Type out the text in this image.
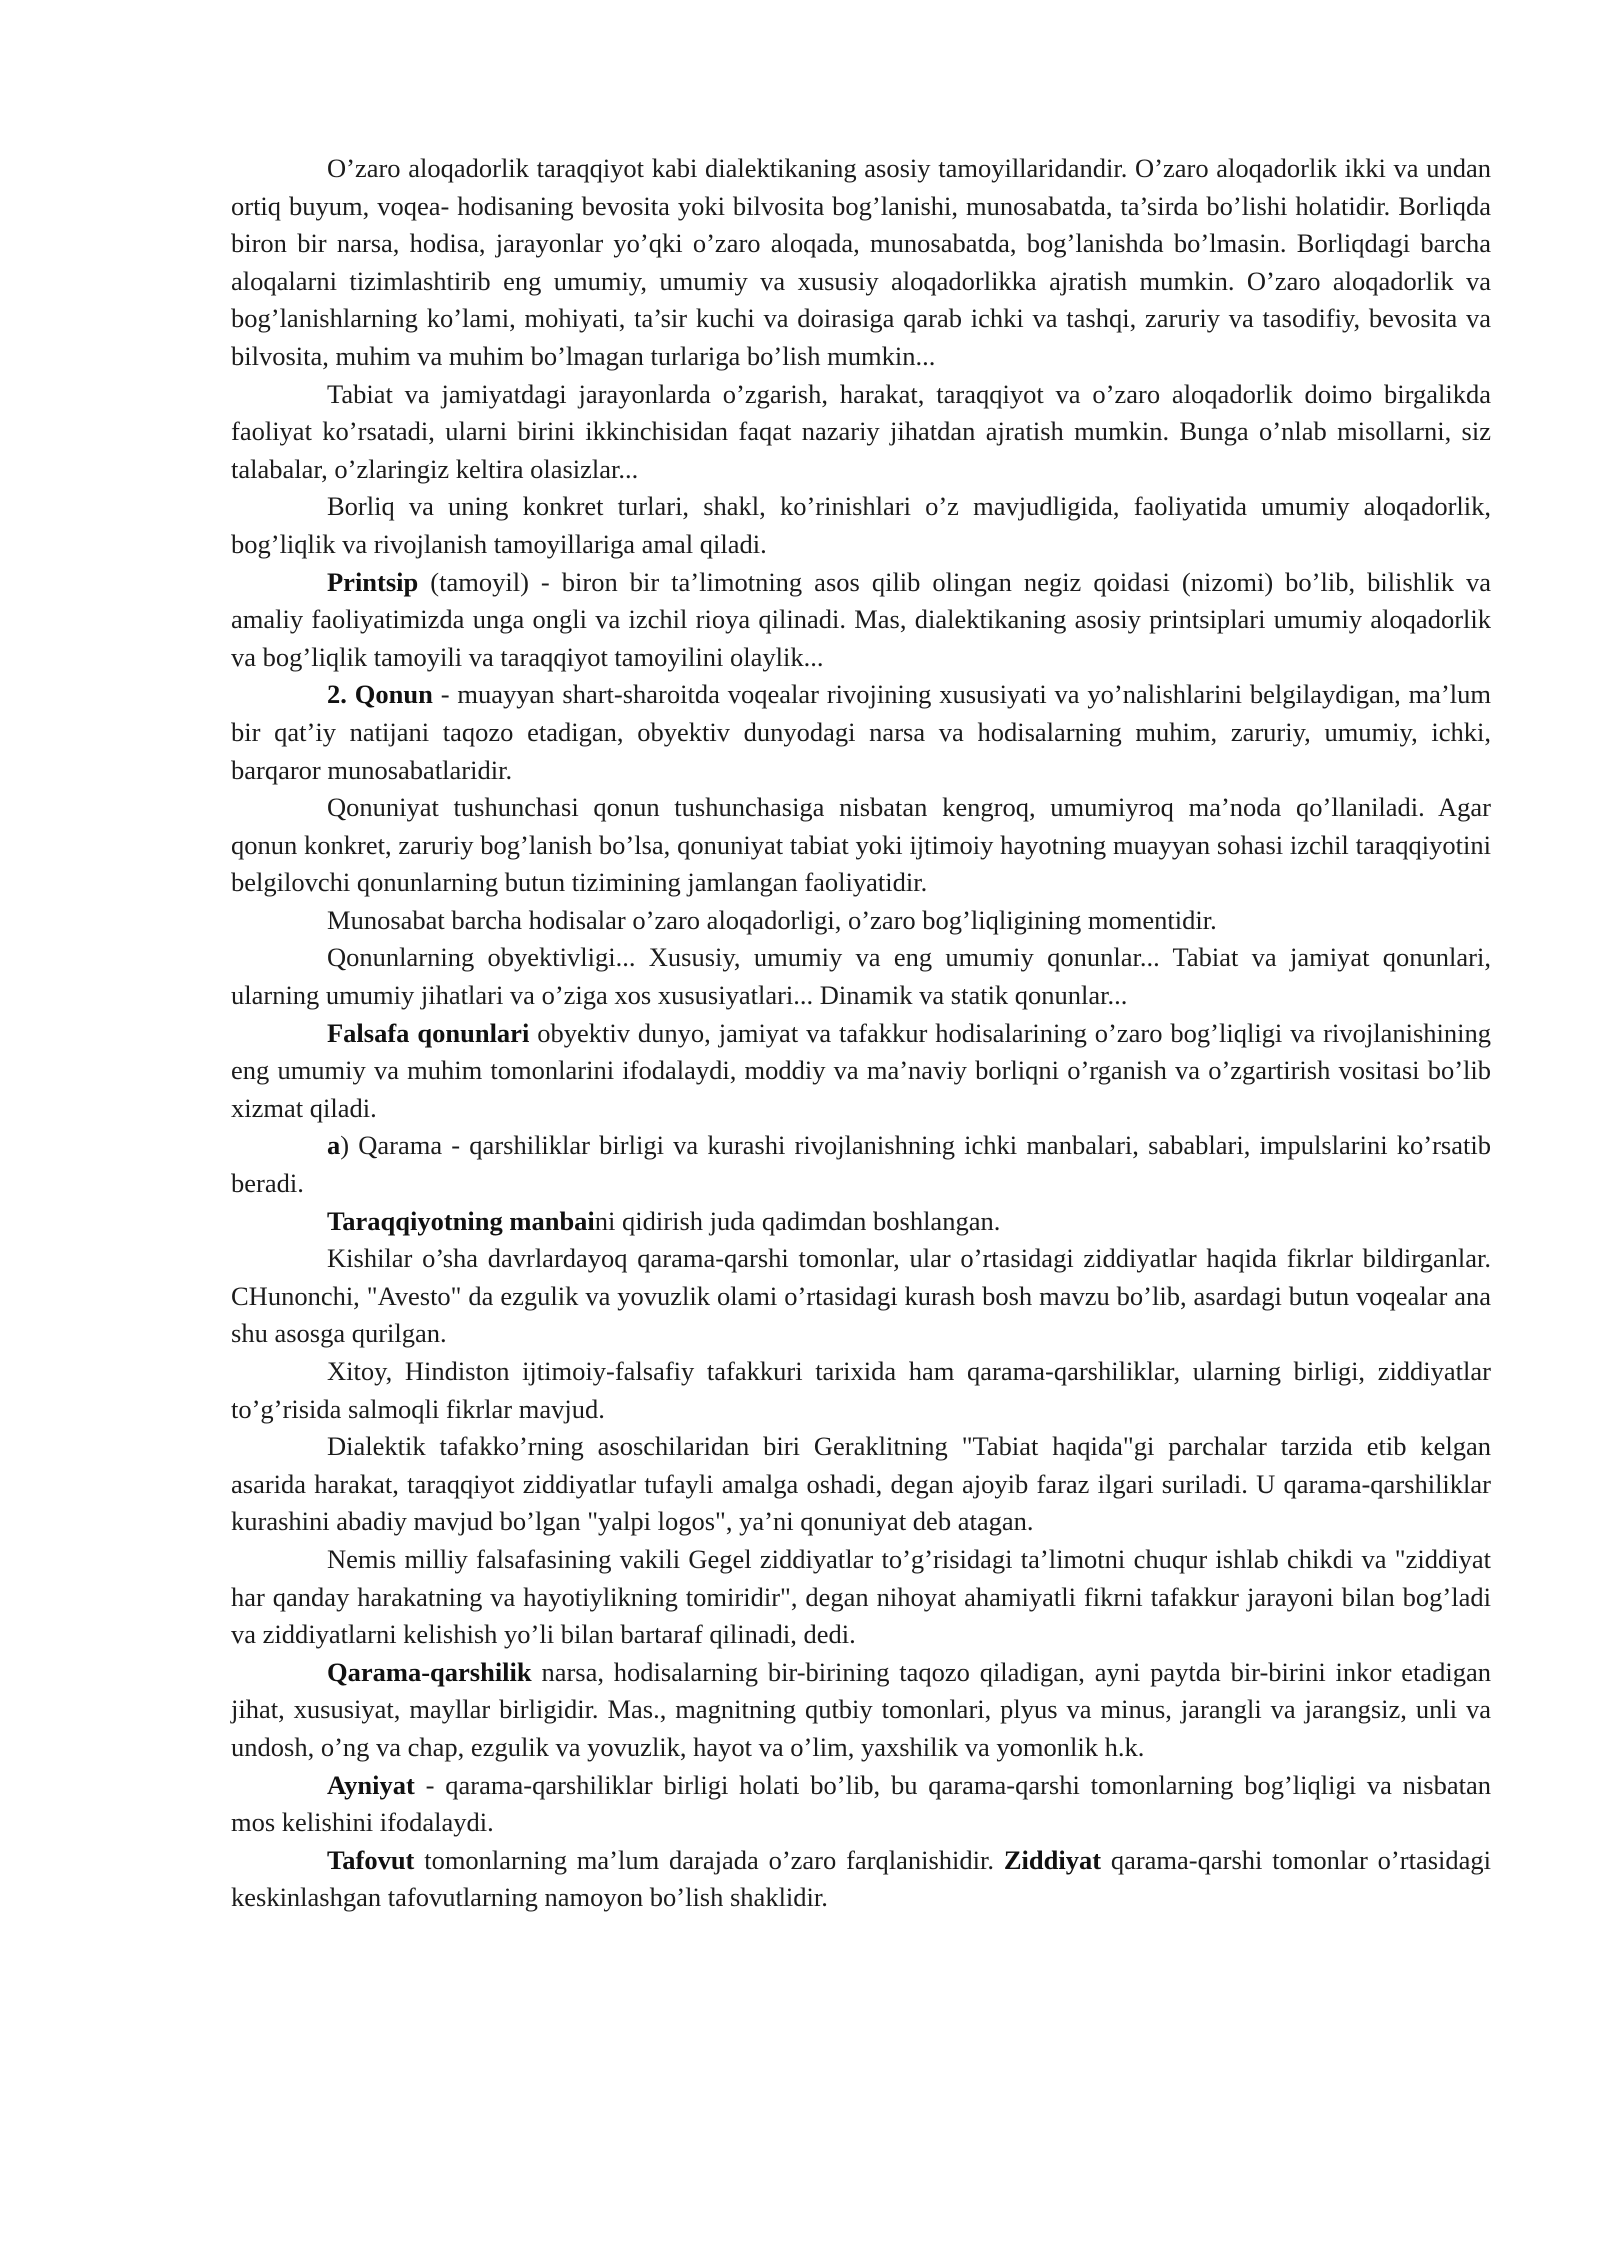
O’zaro aloqadorlik taraqqiyot kabi dialektikaning asosiy tamoyillaridandir. O’zaro aloqadorlik ikki va undan ortiq buyum, voqea- hodisaning bevosita yoki bilvosita bog’lanishi, munosabatda, ta’sirda bo’lishi holatidir. Borliqda biron bir narsa, hodisa, jarayonlar yo’qki o’zaro aloqada, munosabatda, bog’lanishda bo’lmasin. Borliqdagi barcha aloqalarni tizimlashtirib eng umumiy, umumiy va xususiy aloqadorlikka ajratish mumkin. O’zaro aloqadorlik va bog’lanishlarning ko’lami, mohiyati, ta’sir kuchi va doirasiga qarab ichki va tashqi, zaruriy va tasodifiy, bevosita va bilvosita, muhim va muhim bo’lmagan turlariga bo’lish mumkin...

Tabiat va jamiyatdagi jarayonlarda o’zgarish, harakat, taraqqiyot va o’zaro aloqadorlik doimo birgalikda faoliyat ko’rsatadi, ularni birini ikkinchisidan faqat nazariy jihatdan ajratish mumkin. Bunga o’nlab misollarni, siz talabalar, o’zlaringiz keltira olasizlar...

Borliq va uning konkret turlari, shakl, ko’rinishlari o’z mavjudligida, faoliyatida umumiy aloqadorlik, bog’liqlik va rivojlanish tamoyillariga amal qiladi.

Printsip (tamoyil) - biron bir ta’limotning asos qilib olingan negiz qoidasi (nizomi) bo’lib, bilishlik va amaliy faoliyatimizda unga ongli va izchil rioya qilinadi. Mas, dialektikaning asosiy printsiplari umumiy aloqadorlik va bog’liqlik tamoyili va taraqqiyot tamoyilini olaylik...

2. Qonun - muayyan shart-sharoitda voqealar rivojining xususiyati va yo’nalishlarini belgilaydigan, ma’lum bir qat’iy natijani taqozo etadigan, obyektiv dunyodagi narsa va hodisalarning muhim, zaruriy, umumiy, ichki, barqaror munosabatlaridir.

Qonuniyat tushunchasi qonun tushunchasiga nisbatan kengroq, umumiyroq ma’noda qo’llaniladi. Agar qonun konkret, zaruriy bog’lanish bo’lsa, qonuniyat tabiat yoki ijtimoiy hayotning muayyan sohasi izchil taraqqiyotini belgilovchi qonunlarning butun tizimining jamlangan faoliyatidir.

Munosabat barcha hodisalar o’zaro aloqadorligi, o’zaro bog’liqligining momentidir.

Qonunlarning obyektivligi... Xususiy, umumiy va eng umumiy qonunlar... Tabiat va jamiyat qonunlari, ularning umumiy jihatlari va o’ziga xos xususiyatlari... Dinamik va statik qonunlar...

Falsafa qonunlari obyektiv dunyo, jamiyat va tafakkur hodisalarining o’zaro bog’liqligi va rivojlanishining eng umumiy va muhim tomonlarini ifodalaydi, moddiy va ma’naviy borliqni o’rganish va o’zgartirish vositasi bo’lib xizmat qiladi.

a) Qarama - qarshiliklar birligi va kurashi rivojlanishning ichki manbalari, sabablari, impulslarini ko’rsatib beradi.

Taraqqiyotning manbaini qidirish juda qadimdan boshlangan.

Kishilar o’sha davrlardayoq qarama-qarshi tomonlar, ular o’rtasidagi ziddiyatlar haqida fikrlar bildirganlar. CHunonchi, "Avesto" da ezgulik va yovuzlik olami o’rtasidagi kurash bosh mavzu bo’lib, asardagi butun voqealar ana shu asosga qurilgan.

Xitoy, Hindiston ijtimoiy-falsafiy tafakkuri tarixida ham qarama-qarshiliklar, ularning birligi, ziddiyatlar to’g’risida salmoqli fikrlar mavjud.

Dialektik tafakko’rning asoschilaridan biri Geraklitning "Tabiat haqida"gi parchalar tarzida etib kelgan asarida harakat, taraqqiyot ziddiyatlar tufayli amalga oshadi, degan ajoyib faraz ilgari suriladi. U qarama-qarshiliklar kurashini abadiy mavjud bo’lgan "yalpi logos", ya’ni qonuniyat deb atagan.

Nemis milliy falsafasining vakili Gegel ziddiyatlar to’g’risidagi ta’limotni chuqur ishlab chikdi va "ziddiyat har qanday harakatning va hayotiylikning tomiridir", degan nihoyat ahamiyatli fikrni tafakkur jarayoni bilan bog’ladi va ziddiyatlarni kelishish yo’li bilan bartaraf qilinadi, dedi.

Qarama-qarshilik narsa, hodisalarning bir-birining taqozo qiladigan, ayni paytda bir-birini inkor etadigan jihat, xususiyat, mayllar birligidir. Mas., magnitning qutbiy tomonlari, plyus va minus, jarangli va jarangsiz, unli va undosh, o’ng va chap, ezgulik va yovuzlik, hayot va o’lim, yaxshilik va yomonlik h.k.

Ayniyat - qarama-qarshiliklar birligi holati bo’lib, bu qarama-qarshi tomonlarning bog’liqligi va nisbatan mos kelishini ifodalaydi.

Tafovut tomonlarning ma’lum darajada o’zaro farqlanishidir. Ziddiyat qarama-qarshi tomonlar o’rtasidagi keskinlashgan tafovutlarning namoyon bo’lish shaklidir.
